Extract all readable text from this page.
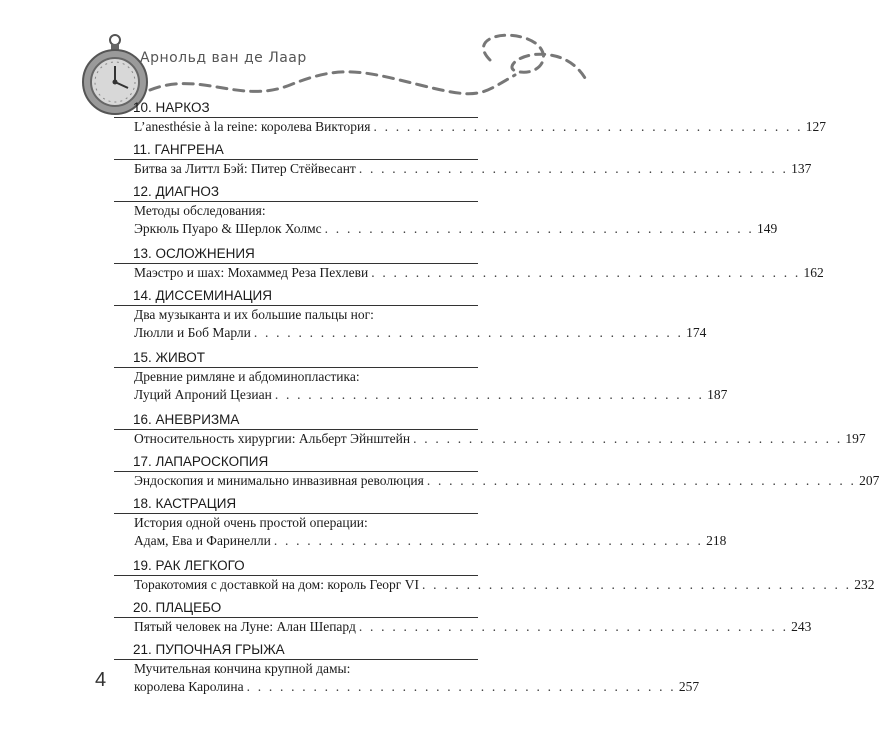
Арнольд ван де Лаар
10. НАРКОЗ
L’anesthésie à la reine: королева Виктория . . . . . . . . . . . . . . . . . . . . . . . . . . . . . . . . . . . . . . . 127
11. ГАНГРЕНА
Битва за Литтл Бэй: Питер Стёйвесант . . . . . . . . . . . . . . . . . . . . . . . . . . . . . . . . . . . . . . . 137
12. ДИАГНОЗ
Методы обследования:
Эркюль Пуаро & Шерлок Холмс . . . . . . . . . . . . . . . . . . . . . . . . . . . . . . . . . . . . . . . 149
13. ОСЛОЖНЕНИЯ
Маэстро и шах: Мохаммед Реза Пехлеви . . . . . . . . . . . . . . . . . . . . . . . . . . . . . . . . . . . . . . . 162
14. ДИССЕМИНАЦИЯ
Два музыканта и их большие пальцы ног:
Люлли и Боб Марли . . . . . . . . . . . . . . . . . . . . . . . . . . . . . . . . . . . . . . . 174
15. ЖИВОТ
Древние римляне и абдоминопластика:
Луций Апроний Цезиан . . . . . . . . . . . . . . . . . . . . . . . . . . . . . . . . . . . . . . . 187
16. АНЕВРИЗМА
Относительность хирургии: Альберт Эйнштейн . . . . . . . . . . . . . . . . . . . . . . . . . . . . . . . . . . . . . . . 197
17. ЛАПАРОСКОПИЯ
Эндоскопия и минимально инвазивная революция . . . . . . . . . . . . . . . . . . . . . . . . . . . . . . . . . . . . . . . 207
18. КАСТРАЦИЯ
История одной очень простой операции:
Адам, Ева и Фаринелли . . . . . . . . . . . . . . . . . . . . . . . . . . . . . . . . . . . . . . . 218
19. РАК ЛЕГКОГО
Торакотомия с доставкой на дом: король Георг VI . . . . . . . . . . . . . . . . . . . . . . . . . . . . . . . . . . . . . . . 232
20. ПЛАЦЕБО
Пятый человек на Луне: Алан Шепард . . . . . . . . . . . . . . . . . . . . . . . . . . . . . . . . . . . . . . . 243
21. ПУПОЧНАЯ ГРЫЖА
Мучительная кончина крупной дамы:
королева Каролина . . . . . . . . . . . . . . . . . . . . . . . . . . . . . . . . . . . . . . . 257
4
